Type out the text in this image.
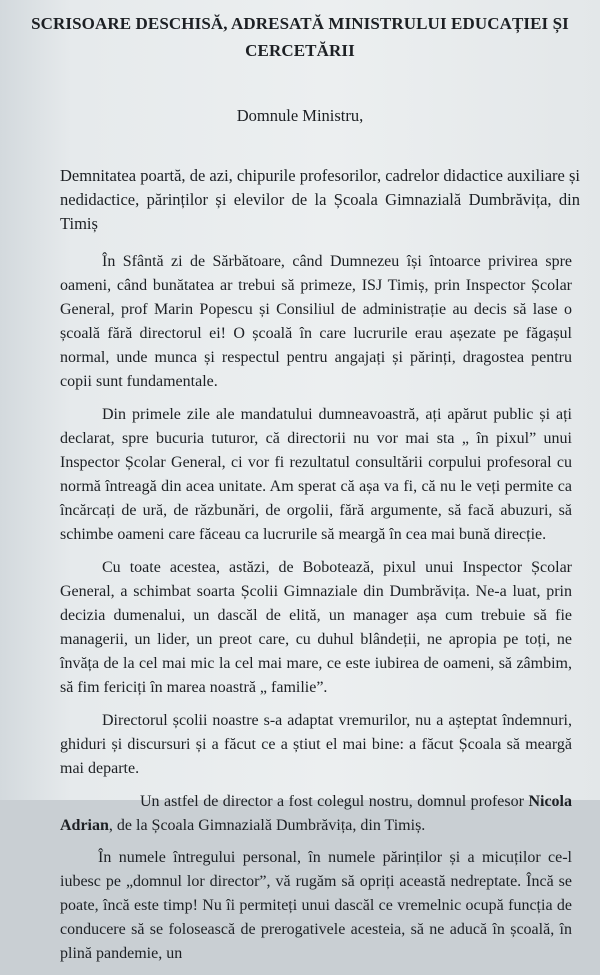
SCRISOARE DESCHISĂ, ADRESATĂ MINISTRULUI EDUCAȚIEI ȘI CERCETĂRII
Domnule Ministru,
Demnitatea poartă, de azi, chipurile profesorilor, cadrelor didactice auxiliare și nedidactice, părinților și elevilor de la Școala Gimnazială Dumbrăvița, din Timiș

În Sfântă zi de Sărbătoare, când Dumnezeu își întoarce privirea spre oameni, când bunătatea ar trebui să primeze, ISJ Timiș, prin Inspector Școlar General, prof Marin Popescu și Consiliul de administrație au decis să lase o școală fără directorul ei! O școală în care lucrurile erau așezate pe făgașul normal, unde munca și respectul pentru angajați și părinți, dragostea pentru copii sunt fundamentale.

Din primele zile ale mandatului dumneavoastră, ați apărut public și ați declarat, spre bucuria tuturor, că directorii nu vor mai sta „ în pixul” unui Inspector Școlar General, ci vor fi rezultatul consultării corpului profesoral cu normă întreagă din acea unitate. Am sperat că așa va fi, că nu le veți permite ca încărcați de ură, de răzbunări, de orgolii, fără argumente, să facă abuzuri, să schimbe oameni care făceau ca lucrurile să meargă în cea mai bună direcție.

Cu toate acestea, astăzi, de Bobotează, pixul unui Inspector Școlar General, a schimbat soarta Școlii Gimnaziale din Dumbrăvița. Ne-a luat, prin decizia dumenalui, un dascăl de elită, un manager așa cum trebuie să fie managerii, un lider, un preot care, cu duhul blândeții, ne apropia pe toți, ne învăța de la cel mai mic la cel mai mare, ce este iubirea de oameni, să zâmbim, să fim fericiți în marea noastră „ familie”.

Directorul școlii noastre s-a adaptat vremurilor, nu a așteptat îndemnuri, ghiduri și discursuri și a făcut ce a știut el mai bine: a făcut Școala să meargă mai departe.

Un astfel de director a fost colegul nostru, domnul profesor Nicola Adrian, de la Școala Gimnazială Dumbrăvița, din Timiș.

În numele întregului personal, în numele părinților și a micuților ce-l iubesc pe „domnul lor director”, vă rugăm să opriți această nedreptate. Încă se poate, încă este timp! Nu îi permiteți unui dascăl ce vremelnic ocupă funcția de conducere să se folosească de prerogativele acesteia, să ne aducă în școală, în plină pandemie, un
